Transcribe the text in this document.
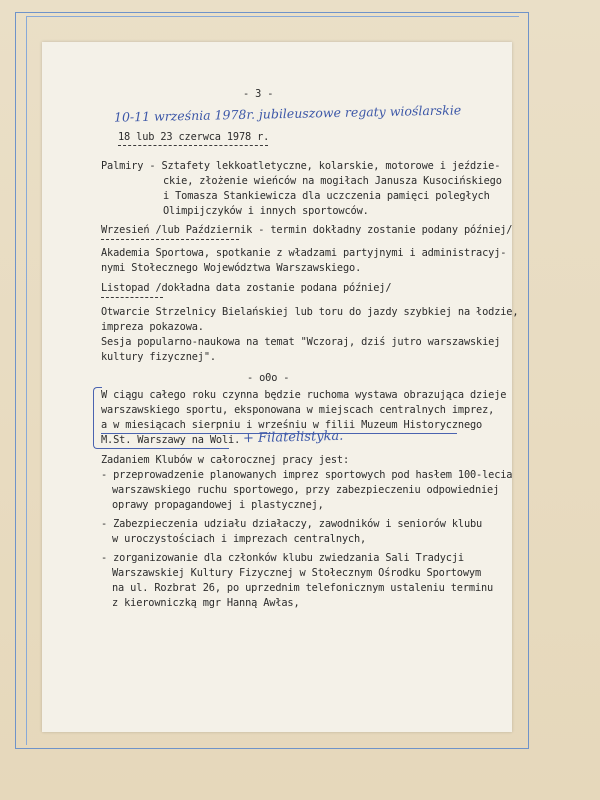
- 3 -
10-11 września 1978r. jubileuszowe regaty wioślarskie
18 lub 23 czerwca 1978 r.
Palmiry - Sztafety lekkoatletyczne, kolarskie, motorowe i jeździe-
ckie, złożenie wieńców na mogiłach Janusza Kusocińskiego
i Tomasza Stankiewicza dla uczczenia pamięci poległych
Olimpijczyków i innych sportowców.
Wrzesień /lub Październik - termin dokładny zostanie podany później/
Akademia Sportowa, spotkanie z władzami partyjnymi i administracyj-
nymi Stołecznego Województwa Warszawskiego.
Listopad /dokładna data zostanie podana później/
Otwarcie Strzelnicy Bielańskiej lub toru do jazdy szybkiej na łodzie,
impreza pokazowa.
Sesja popularno-naukowa na temat "Wczoraj, dziś jutro warszawskiej
kultury fizycznej".
- o0o -
W ciągu całego roku czynna będzie ruchoma wystawa obrazująca dzieje
warszawskiego sportu, eksponowana w miejscach centralnych imprez,
a w miesiącach sierpniu i wrześniu w filii Muzeum Historycznego
M.St. Warszawy na Woli. + Filatelistyka.
Zadaniem Klubów w całorocznej pracy jest:
- przeprowadzenie planowanych imprez sportowych pod hasłem 100-lecia
warszawskiego ruchu sportowego, przy zabezpieczeniu odpowiedniej
oprawy propagandowej i plastycznej,
- Zabezpieczenia udziału działaczy, zawodników i seniorów klubu
w uroczystościach i imprezach centralnych,
- zorganizowanie dla członków klubu zwiedzania Sali Tradycji
Warszawskiej Kultury Fizycznej w Stołecznym Ośrodku Sportowym
na ul. Rozbrat 26, po uprzednim telefonicznym ustaleniu terminu
z kierowniczką mgr Hanną Awłas,
